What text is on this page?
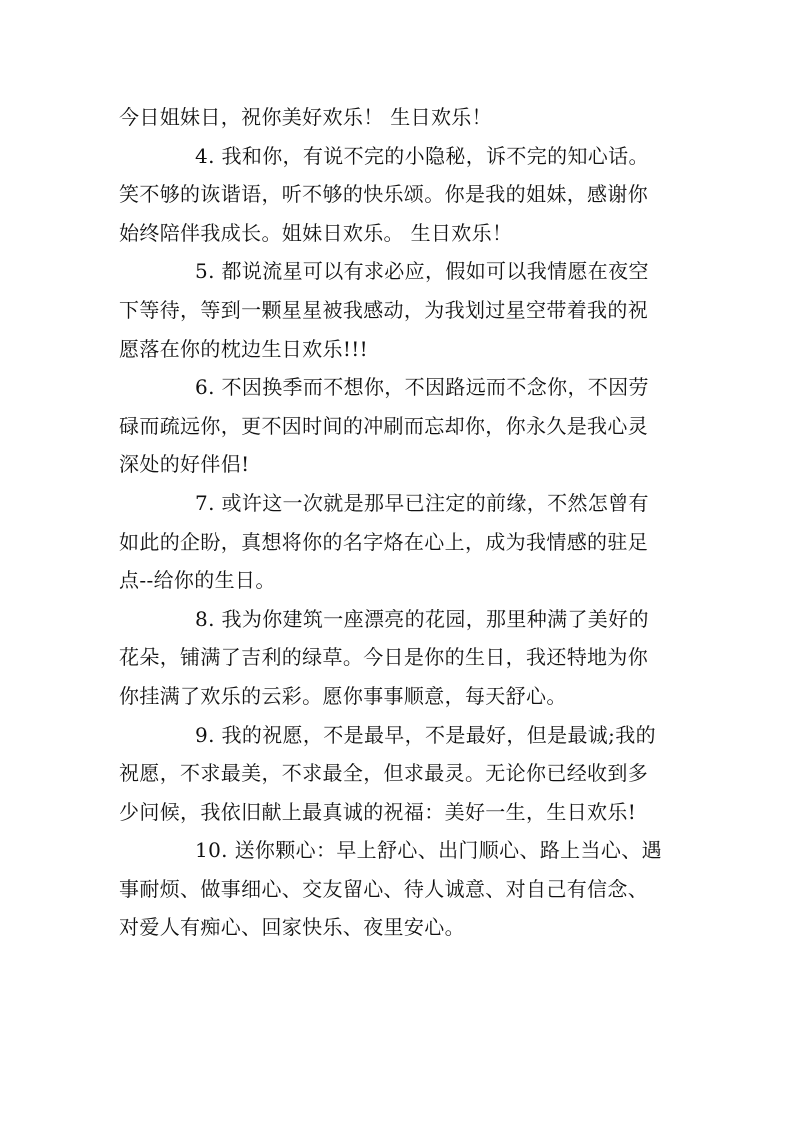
今日姐妹日，祝你美好欢乐！ 生日欢乐！
4. 我和你，有说不完的小隐秘，诉不完的知心话。
笑不够的诙谐语，听不够的快乐颂。你是我的姐妹，感谢你
始终陪伴我成长。姐妹日欢乐。 生日欢乐！
5. 都说流星可以有求必应，假如可以我情愿在夜空
下等待，等到一颗星星被我感动，为我划过星空带着我的祝
愿落在你的枕边生日欢乐!!!
6. 不因换季而不想你，不因路远而不念你，不因劳
碌而疏远你，更不因时间的冲刷而忘却你，你永久是我心灵
深处的好伴侣!
7. 或许这一次就是那早已注定的前缘，不然怎曾有
如此的企盼，真想将你的名字烙在心上，成为我情感的驻足
点--给你的生日。
8. 我为你建筑一座漂亮的花园，那里种满了美好的
花朵，铺满了吉利的绿草。今日是你的生日，我还特地为你
你挂满了欢乐的云彩。愿你事事顺意，每天舒心。
9. 我的祝愿，不是最早，不是最好，但是最诚;我的
祝愿，不求最美，不求最全，但求最灵。无论你已经收到多
少问候，我依旧献上最真诚的祝福：美好一生，生日欢乐!
10. 送你颗心：早上舒心、出门顺心、路上当心、遇
事耐烦、做事细心、交友留心、待人诚意、对自己有信念、
对爱人有痴心、回家快乐、夜里安心。
